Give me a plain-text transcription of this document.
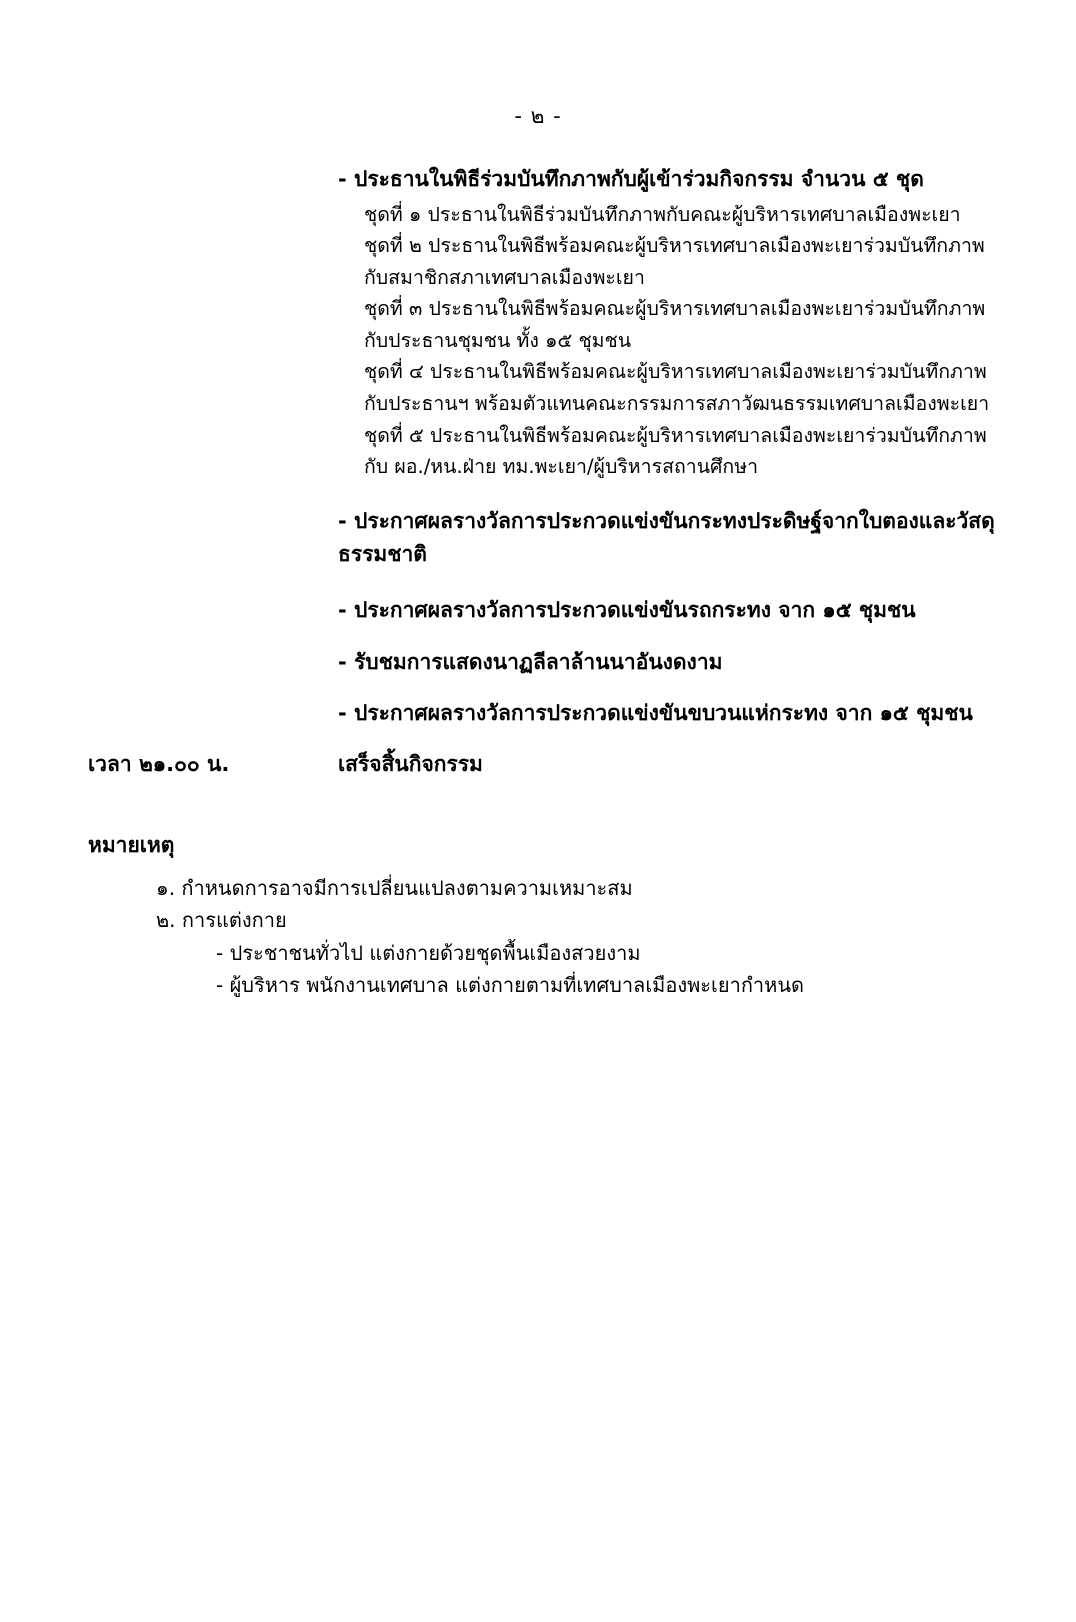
- ๒ -

- ประธานในพิธีร่วมบันทึกภาพกับผู้เข้าร่วมกิจกรรม จำนวน ๕ ชุด

ชุดที่ ๑ ประธานในพิธีร่วมบันทึกภาพกับคณะผู้บริหารเทศบาลเมืองพะเยา

ชุดที่ ๒ ประธานในพิธีพร้อมคณะผู้บริหารเทศบาลเมืองพะเยาร่วมบันทึกภาพ

กับสมาชิกสภาเทศบาลเมืองพะเยา

ชุดที่ ๓ ประธานในพิธีพร้อมคณะผู้บริหารเทศบาลเมืองพะเยาร่วมบันทึกภาพ

กับประธานชุมชน ทั้ง ๑๕ ชุมชน

ชุดที่ ๔ ประธานในพิธีพร้อมคณะผู้บริหารเทศบาลเมืองพะเยาร่วมบันทึกภาพ

กับประธานฯ พร้อมตัวแทนคณะกรรมการสภาวัฒนธรรมเทศบาลเมืองพะเยา

ชุดที่ ๕ ประธานในพิธีพร้อมคณะผู้บริหารเทศบาลเมืองพะเยาร่วมบันทึกภาพ

กับ ผอ./หน.ฝ่าย ทม.พะเยา/ผู้บริหารสถานศึกษา

- ประกาศผลรางวัลการประกวดแข่งขันกระทงประดิษฐ์จากใบตองและวัสดุ

ธรรมชาติ

- ประกาศผลรางวัลการประกวดแข่งขันรถกระทง จาก ๑๕ ชุมชน

- รับชมการแสดงนาฏลีลาล้านนาอันงดงาม

- ประกาศผลรางวัลการประกวดแข่งขันขบวนแห่กระทง จาก ๑๕ ชุมชน

เวลา ๒๑.๐๐ น.	เสร็จสิ้นกิจกรรม

หมายเหตุ

๑. กำหนดการอาจมีการเปลี่ยนแปลงตามความเหมาะสม

๒. การแต่งกาย

- ประชาชนทั่วไป แต่งกายด้วยชุดพื้นเมืองสวยงาม

- ผู้บริหาร พนักงานเทศบาล แต่งกายตามที่เทศบาลเมืองพะเยากำหนด
